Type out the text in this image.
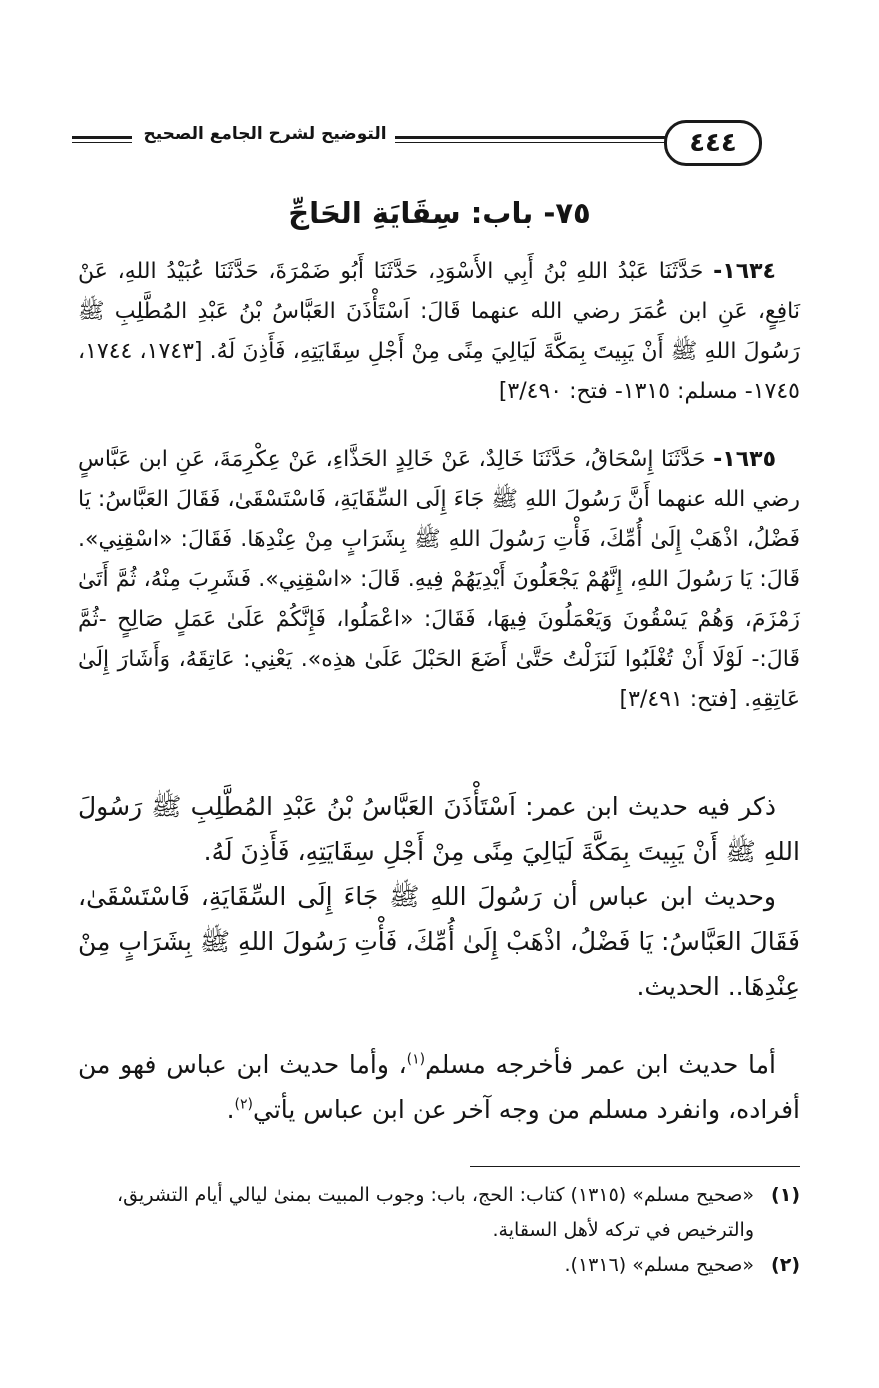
٤٤٤
التوضيح لشرح الجامع الصحيح
٧٥- باب: سِقَايَةِ الحَاجِّ

١٦٣٤- حَدَّثَنَا عَبْدُ اللهِ بْنُ أَبِي الأَسْوَدِ، حَدَّثَنَا أَبُو ضَمْرَةَ، حَدَّثَنَا عُبَيْدُ اللهِ، عَنْ نَافِعٍ، عَنِ ابن عُمَرَ رضي الله عنهما قَالَ: اَسْتَأْذَنَ العَبَّاسُ بْنُ عَبْدِ المُطَّلِبِ ﷺ رَسُولَ اللهِ ﷺ أَنْ يَبِيتَ بِمَكَّةَ لَيَالِيَ مِنًى مِنْ أَجْلِ سِقَايَتِهِ، فَأَذِنَ لَهُ. [١٧٤٣، ١٧٤٤، ١٧٤٥- مسلم: ١٣١٥- فتح: ٣/٤٩٠]

١٦٣٥- حَدَّثَنَا إِسْحَاقُ، حَدَّثَنَا خَالِدٌ، عَنْ خَالِدٍ الحَذَّاءِ، عَنْ عِكْرِمَةَ، عَنِ ابن عَبَّاسٍ رضي الله عنهما أَنَّ رَسُولَ اللهِ ﷺ جَاءَ إِلَى السِّقَايَةِ، فَاسْتَسْقَىٰ، فَقَالَ العَبَّاسُ: يَا فَضْلُ، اذْهَبْ إِلَىٰ أُمِّكَ، فَأْتِ رَسُولَ اللهِ ﷺ بِشَرَابٍ مِنْ عِنْدِهَا. فَقَالَ: «اسْقِنِي». قَالَ: يَا رَسُولَ اللهِ، إِنَّهُمْ يَجْعَلُونَ أَيْدِيَهُمْ فِيهِ. قَالَ: «اسْقِنِي». فَشَرِبَ مِنْهُ، ثُمَّ أَتَىٰ زَمْزَمَ، وَهُمْ يَسْقُونَ وَيَعْمَلُونَ فِيهَا، فَقَالَ: «اعْمَلُوا، فَإِنَّكُمْ عَلَىٰ عَمَلٍ صَالِحٍ -ثُمَّ قَالَ:- لَوْلَا أَنْ تُغْلَبُوا لَنَزَلْتُ حَتَّىٰ أَضَعَ الحَبْلَ عَلَىٰ هذِه». يَعْنِي: عَاتِقَهُ، وَأَشَارَ إِلَىٰ عَاتِقِهِ. [فتح: ٣/٤٩١]

ذكر فيه حديث ابن عمر: اَسْتَأْذَنَ العَبَّاسُ بْنُ عَبْدِ المُطَّلِبِ ﷺ رَسُولَ اللهِ ﷺ أَنْ يَبِيتَ بِمَكَّةَ لَيَالِيَ مِنًى مِنْ أَجْلِ سِقَايَتِهِ، فَأَذِنَ لَهُ.

وحديث ابن عباس أن رَسُولَ اللهِ ﷺ جَاءَ إِلَى السِّقَايَةِ، فَاسْتَسْقَىٰ، فَقَالَ العَبَّاسُ: يَا فَضْلُ، اذْهَبْ إِلَىٰ أُمِّكَ، فَأْتِ رَسُولَ اللهِ ﷺ بِشَرَابٍ مِنْ عِنْدِهَا.. الحديث.

أما حديث ابن عمر فأخرجه مسلم$^{(١)}$، وأما حديث ابن عباس فهو من أفراده، وانفرد مسلم من وجه آخر عن ابن عباس يأتي$^{(٢)}$.

(١)
«صحيح مسلم» (١٣١٥) كتاب: الحج، باب: وجوب المبيت بمنىٰ ليالي أيام التشريق، والترخيص في تركه لأهل السقاية.
(٢)
«صحيح مسلم» (١٣١٦).
